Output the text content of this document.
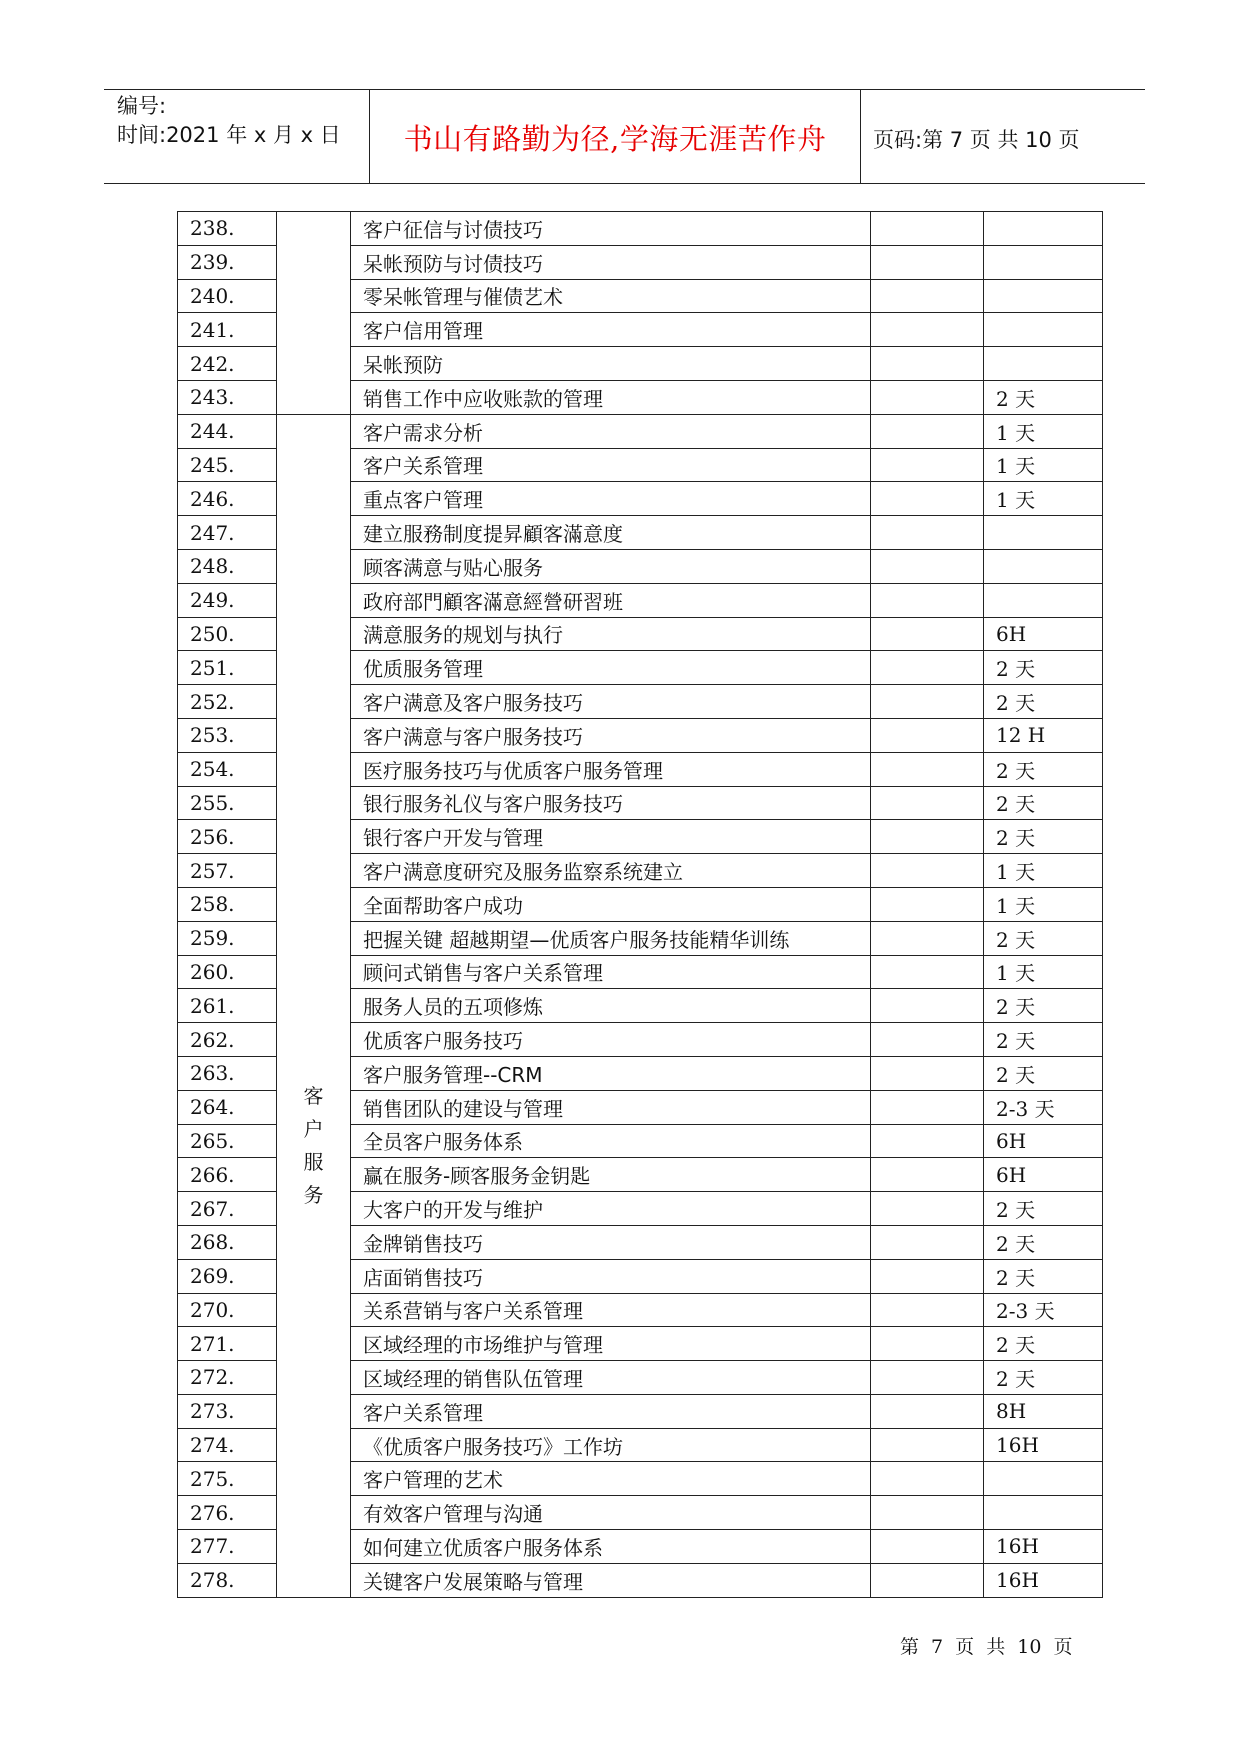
编号:
时间:2021 年 x 月 x 日	书山有路勤为径,学海无涯苦作舟	页码:第 7 页 共 10 页
238.		客户征信与讨债技巧		
239.		呆帐预防与讨债技巧		
240.		零呆帐管理与催债艺术		
241.		客户信用管理		
242.		呆帐预防		
243.		销售工作中应收账款的管理		2 天
244.	客户服务	客户需求分析		1 天
245.		客户关系管理		1 天
246.		重点客户管理		1 天
247.		建立服務制度提昇顧客滿意度		
248.		顾客满意与贴心服务		
249.		政府部門顧客滿意經營研習班		
250.		满意服务的规划与执行		6H
251.		优质服务管理		2 天
252.		客户满意及客户服务技巧		2 天
253.		客户满意与客户服务技巧		12 H
254.		医疗服务技巧与优质客户服务管理		2 天
255.		银行服务礼仪与客户服务技巧		2 天
256.		银行客户开发与管理		2 天
257.		客户满意度研究及服务监察系统建立		1 天
258.		全面帮助客户成功		1 天
259.		把握关键 超越期望—优质客户服务技能精华训练		2 天
260.		顾问式销售与客户关系管理		1 天
261.		服务人员的五项修炼		2 天
262.		优质客户服务技巧		2 天
263.		客户服务管理--CRM		2 天
264.		销售团队的建设与管理		2-3 天
265.		全员客户服务体系		6H
266.		赢在服务-顾客服务金钥匙		6H
267.		大客户的开发与维护		2 天
268.		金牌销售技巧		2 天
269.		店面销售技巧		2 天
270.		关系营销与客户关系管理		2-3 天
271.		区域经理的市场维护与管理		2 天
272.		区域经理的销售队伍管理		2 天
273.		客户关系管理		8H
274.		《优质客户服务技巧》工作坊		16H
275.		客户管理的艺术		
276.		有效客户管理与沟通		
277.		如何建立优质客户服务体系		16H
278.		关键客户发展策略与管理		16H
第 7 页 共 10 页
